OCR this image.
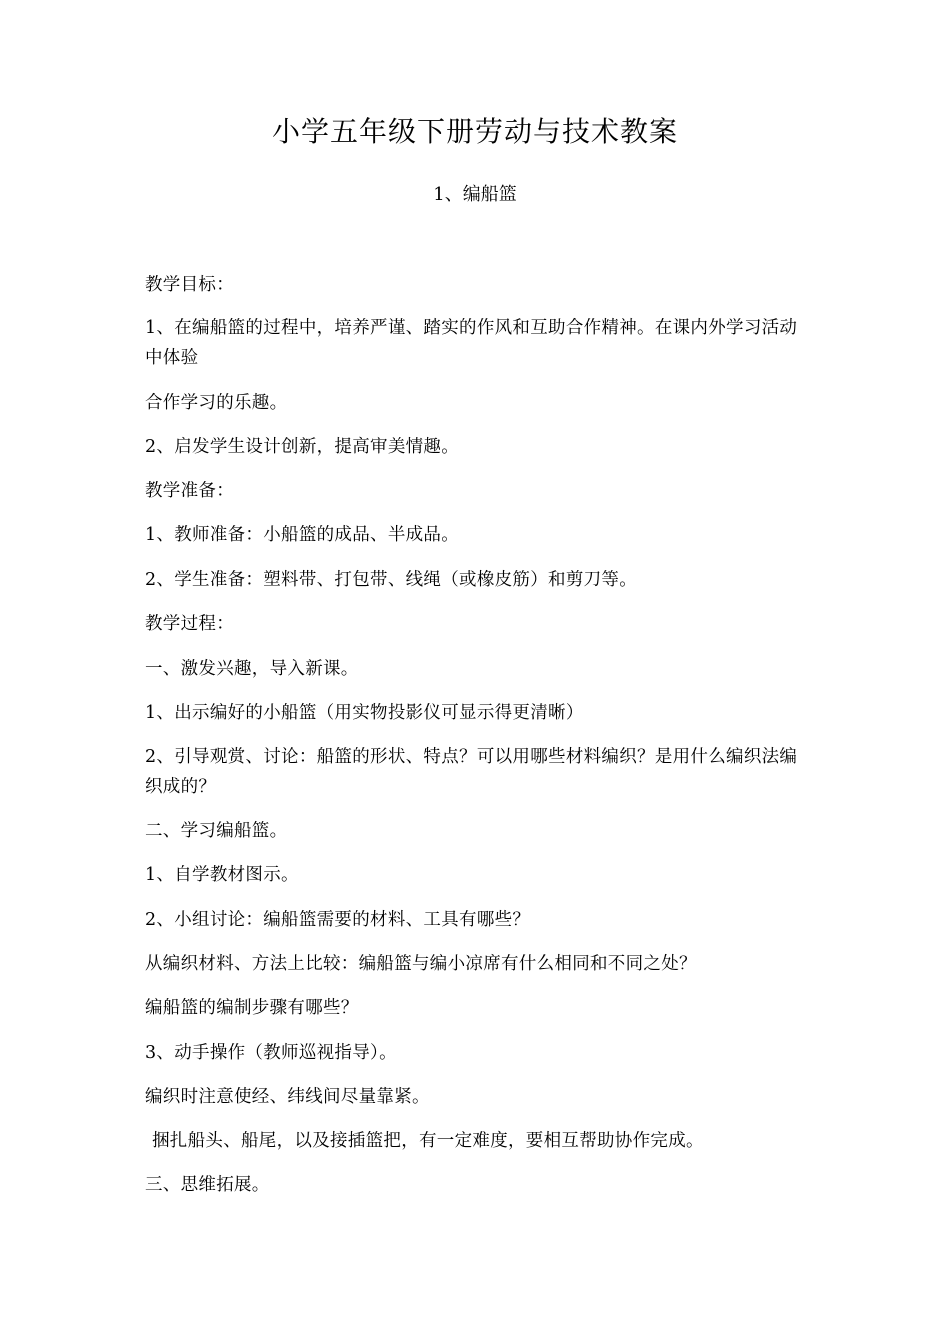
小学五年级下册劳动与技术教案
1、编船篮
教学目标：
1、在编船篮的过程中，培养严谨、踏实的作风和互助合作精神。在课内外学习活动中体验
合作学习的乐趣。
2、启发学生设计创新，提高审美情趣。
教学准备：
1、教师准备：小船篮的成品、半成品。
2、学生准备：塑料带、打包带、线绳（或橡皮筋）和剪刀等。
教学过程：
一、激发兴趣，导入新课。
1、出示编好的小船篮（用实物投影仪可显示得更清晰）
2、引导观赏、讨论：船篮的形状、特点？可以用哪些材料编织？是用什么编织法编织成的？
二、学习编船篮。
1、自学教材图示。
2、小组讨论：编船篮需要的材料、工具有哪些？
从编织材料、方法上比较：编船篮与编小凉席有什么相同和不同之处？
编船篮的编制步骤有哪些？
3、动手操作（教师巡视指导）。
编织时注意使经、纬线间尽量靠紧。
捆扎船头、船尾，以及接插篮把，有一定难度，要相互帮助协作完成。
三、思维拓展。
